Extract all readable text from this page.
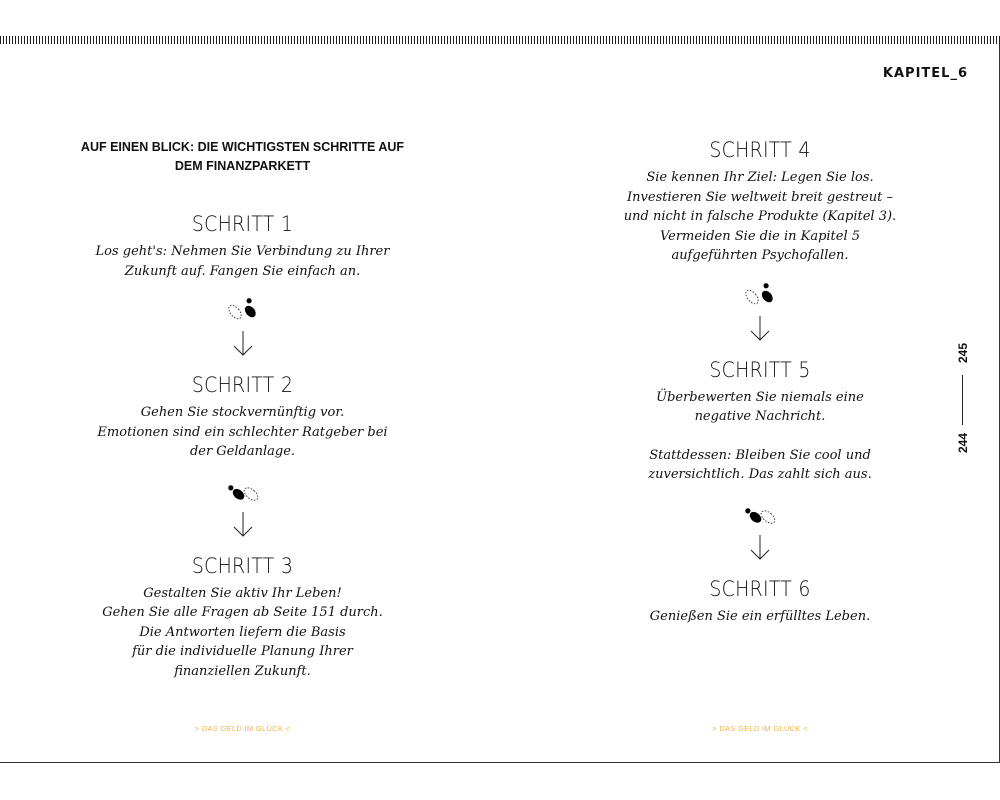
KAPITEL_6

AUF EINEN BLICK: DIE WICHTIGSTEN SCHRITTE AUF
DEM FINANZPARKETT

SCHRITT 1

Los geht's: Nehmen Sie Verbindung zu Ihrer
Zukunft auf. Fangen Sie einfach an.

SCHRITT 2

Gehen Sie stockvernünftig vor.
Emotionen sind ein schlechter Ratgeber bei
der Geldanlage.

SCHRITT 3

Gestalten Sie aktiv Ihr Leben!
Gehen Sie alle Fragen ab Seite 151 durch.
Die Antworten liefern die Basis
für die individuelle Planung Ihrer
finanziellen Zukunft.

> DAS GELD IM GLÜCK <

SCHRITT 4

Sie kennen Ihr Ziel: Legen Sie los.
Investieren Sie weltweit breit gestreut –
und nicht in falsche Produkte (Kapitel 3).
Vermeiden Sie die in Kapitel 5
aufgeführten Psychofallen.

SCHRITT 5

Überbewerten Sie niemals eine
negative Nachricht.

Stattdessen: Bleiben Sie cool und
zuversichtlich. Das zahlt sich aus.

SCHRITT 6

Genießen Sie ein erfülltes Leben.

> DAS GELD IM GLÜCK <
245
244
